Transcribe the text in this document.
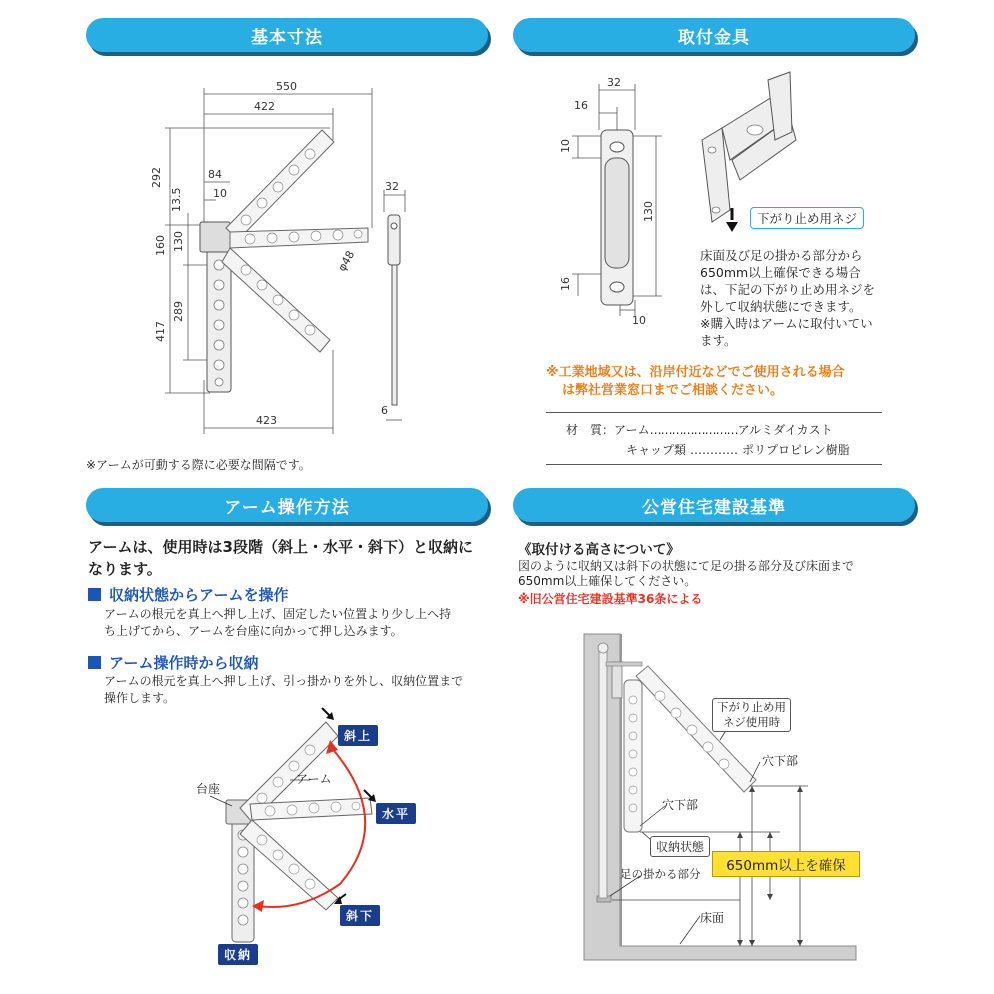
基本寸法	取付金具
アーム操作方法	公営住宅建設基準
550
422
292
13.5
84
10
160 130
289
417
423
32
φ48
6
※アームが可動する際に必要な間隔です。
32
16
10
130
16
10
下がり止め用ネジ
床面及び足の掛かる部分から
650mm以上確保できる場合
は、下記の下がり止め用ネジを
外して収納状態にできます。
※購入時はアームに取付いてい
ます。
※工業地域又は、沿岸付近などでご使用される場合
は弊社営業窓口までご相談ください。
材　質： アーム …………………… アルミダイカスト
キャップ類 ………… ポリプロピレン樹脂
アームは、使用時は3段階（斜上・水平・斜下）と収納に
なります。
収納状態からアームを操作
アームの根元を真上へ押し上げ、固定したい位置より少し上へ持
ち上げてから、アームを台座に向かって押し込みます。
アーム操作時から収納
アームの根元を真上へ押し上げ、引っ掛かりを外し、収納位置まで
操作します。
台座
アーム
斜上
水平
斜下
収納
《取付ける高さについて》
図のように収納又は斜下の状態にて足の掛る部分及び床面まで
650mm以上確保してください。
※旧公営住宅建設基準36条による
下がり止め用
ネジ使用時
穴下部
穴下部
収納状態
650mm以上を確保
足の掛かる部分
床面
